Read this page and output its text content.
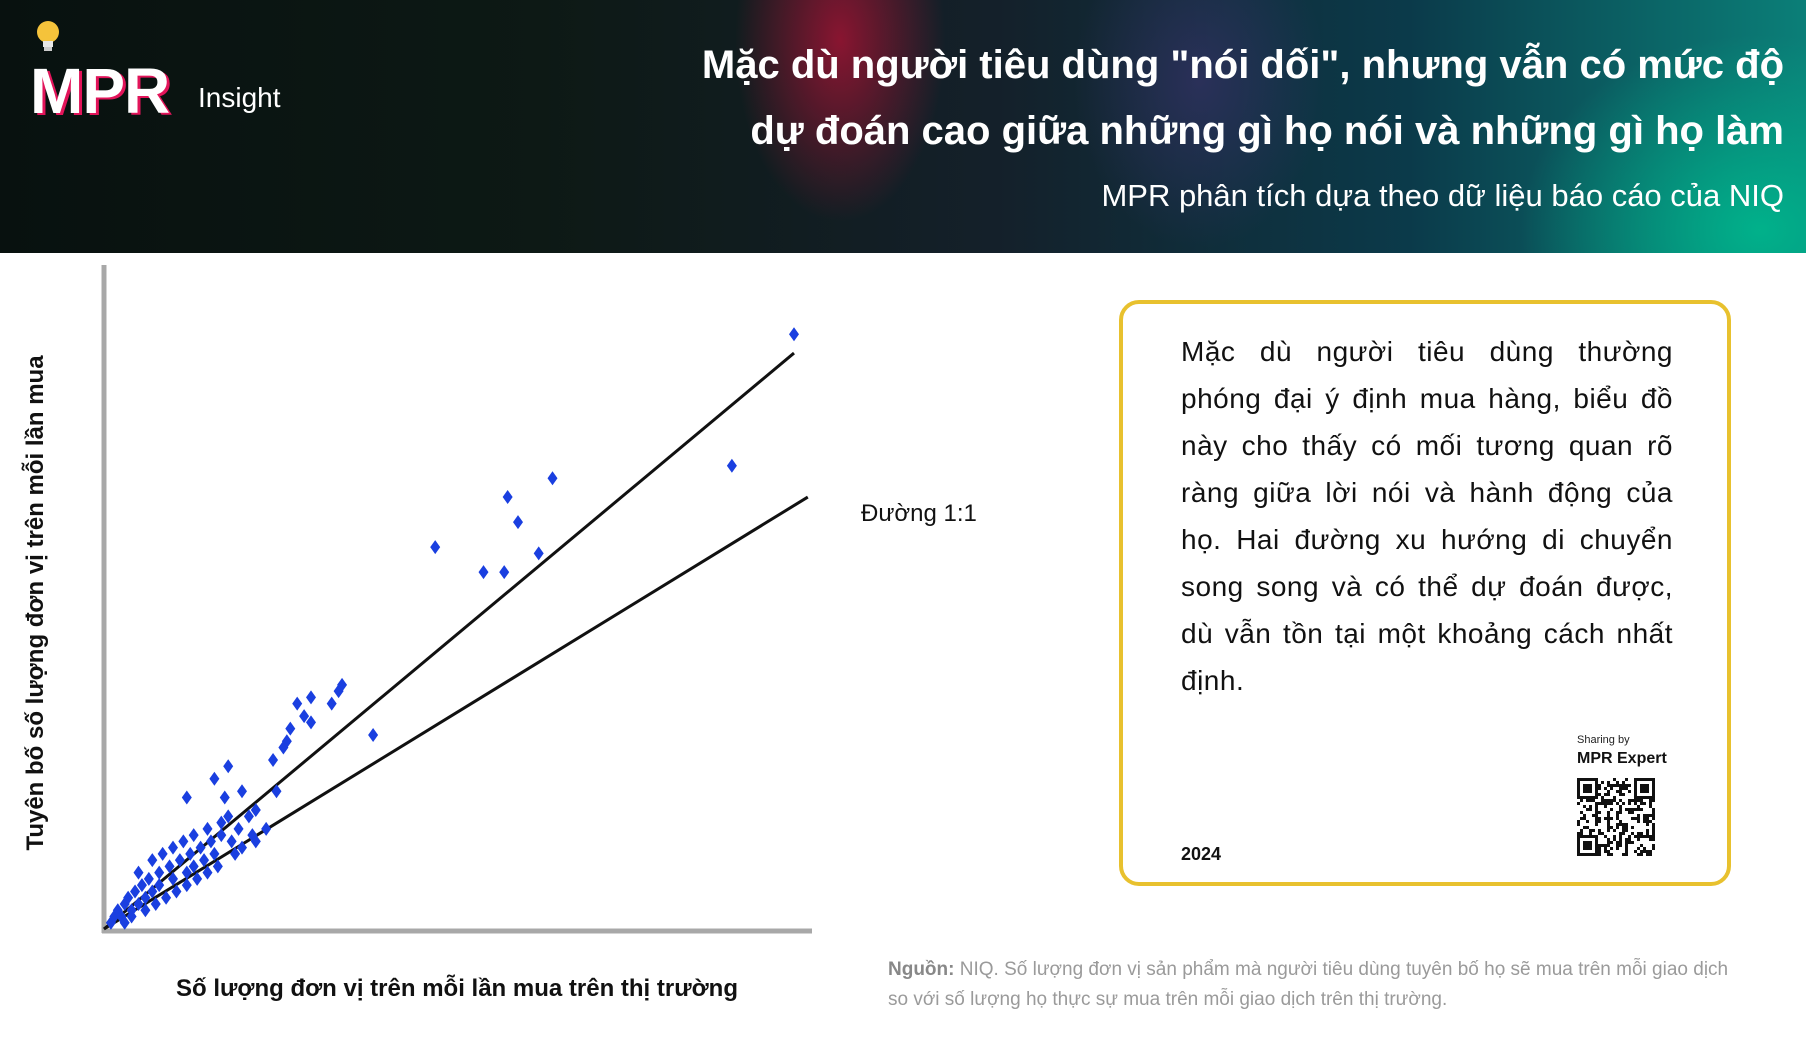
MPR Insight
Mặc dù người tiêu dùng "nói dối", nhưng vẫn có mức độ
dự đoán cao giữa những gì họ nói và những gì họ làm
MPR phân tích dựa theo dữ liệu báo cáo của NIQ
Tuyên bố số lượng đơn vị trên mỗi lần mua
Số lượng đơn vị trên mỗi lần mua trên thị trường
Đường 1:1
Mặc dù người tiêu dùng thường phóng đại ý định mua hàng, biểu đồ này cho thấy có mối tương quan rõ ràng giữa lời nói và hành động của họ. Hai đường xu hướng di chuyển song song và có thể dự đoán được, dù vẫn tồn tại một khoảng cách nhất định.
2024
Sharing by
MPR Expert
Nguồn: NIQ. Số lượng đơn vị sản phẩm mà người tiêu dùng tuyên bố họ sẽ mua trên mỗi giao dịch so với số lượng họ thực sự mua trên mỗi giao dịch trên thị trường.
